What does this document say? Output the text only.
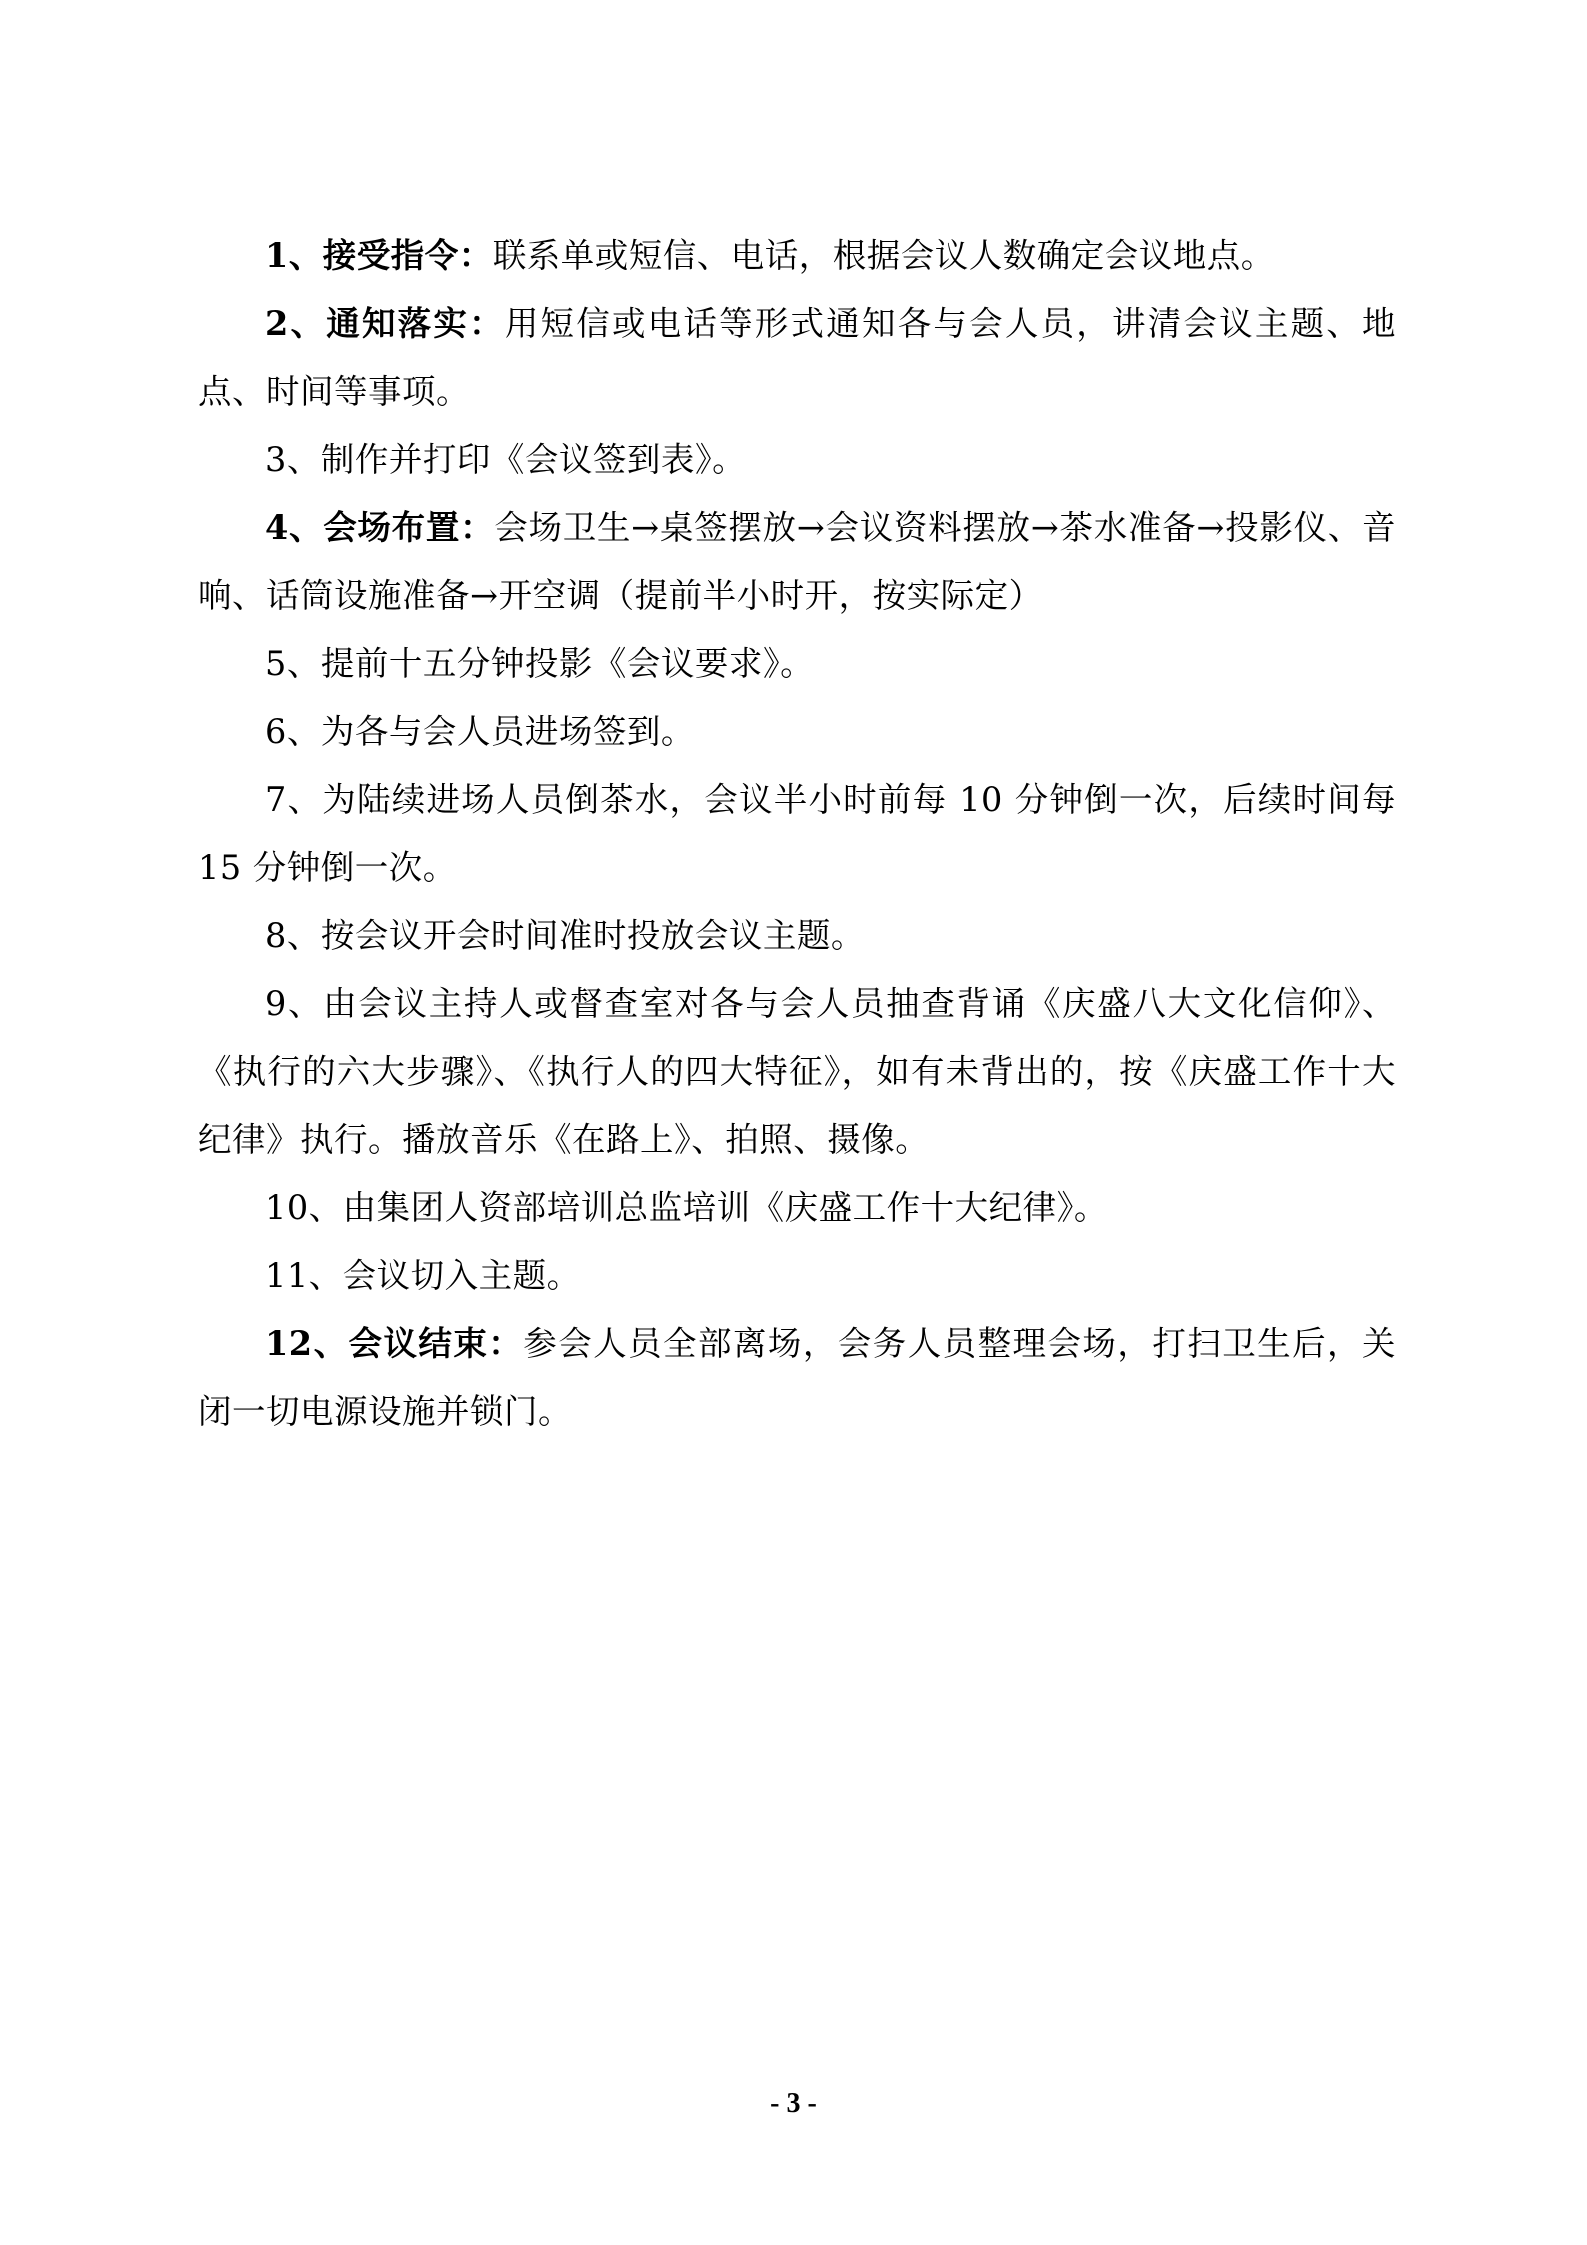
1、接受指令：联系单或短信、电话，根据会议人数确定会议地点。

2、通知落实：用短信或电话等形式通知各与会人员，讲清会议主题、地点、时间等事项。

3、制作并打印《会议签到表》。

4、会场布置：会场卫生→桌签摆放→会议资料摆放→茶水准备→投影仪、音响、话筒设施准备→开空调（提前半小时开，按实际定）

5、提前十五分钟投影《会议要求》。

6、为各与会人员进场签到。

7、为陆续进场人员倒茶水，会议半小时前每 10 分钟倒一次，后续时间每 15 分钟倒一次。

8、按会议开会时间准时投放会议主题。

9、由会议主持人或督查室对各与会人员抽查背诵《庆盛八大文化信仰》、《执行的六大步骤》、《执行人的四大特征》，如有未背出的，按《庆盛工作十大纪律》执行。播放音乐《在路上》、拍照、摄像。

10、由集团人资部培训总监培训《庆盛工作十大纪律》。

11、会议切入主题。

12、会议结束：参会人员全部离场，会务人员整理会场，打扫卫生后，关闭一切电源设施并锁门。

- 3 -
